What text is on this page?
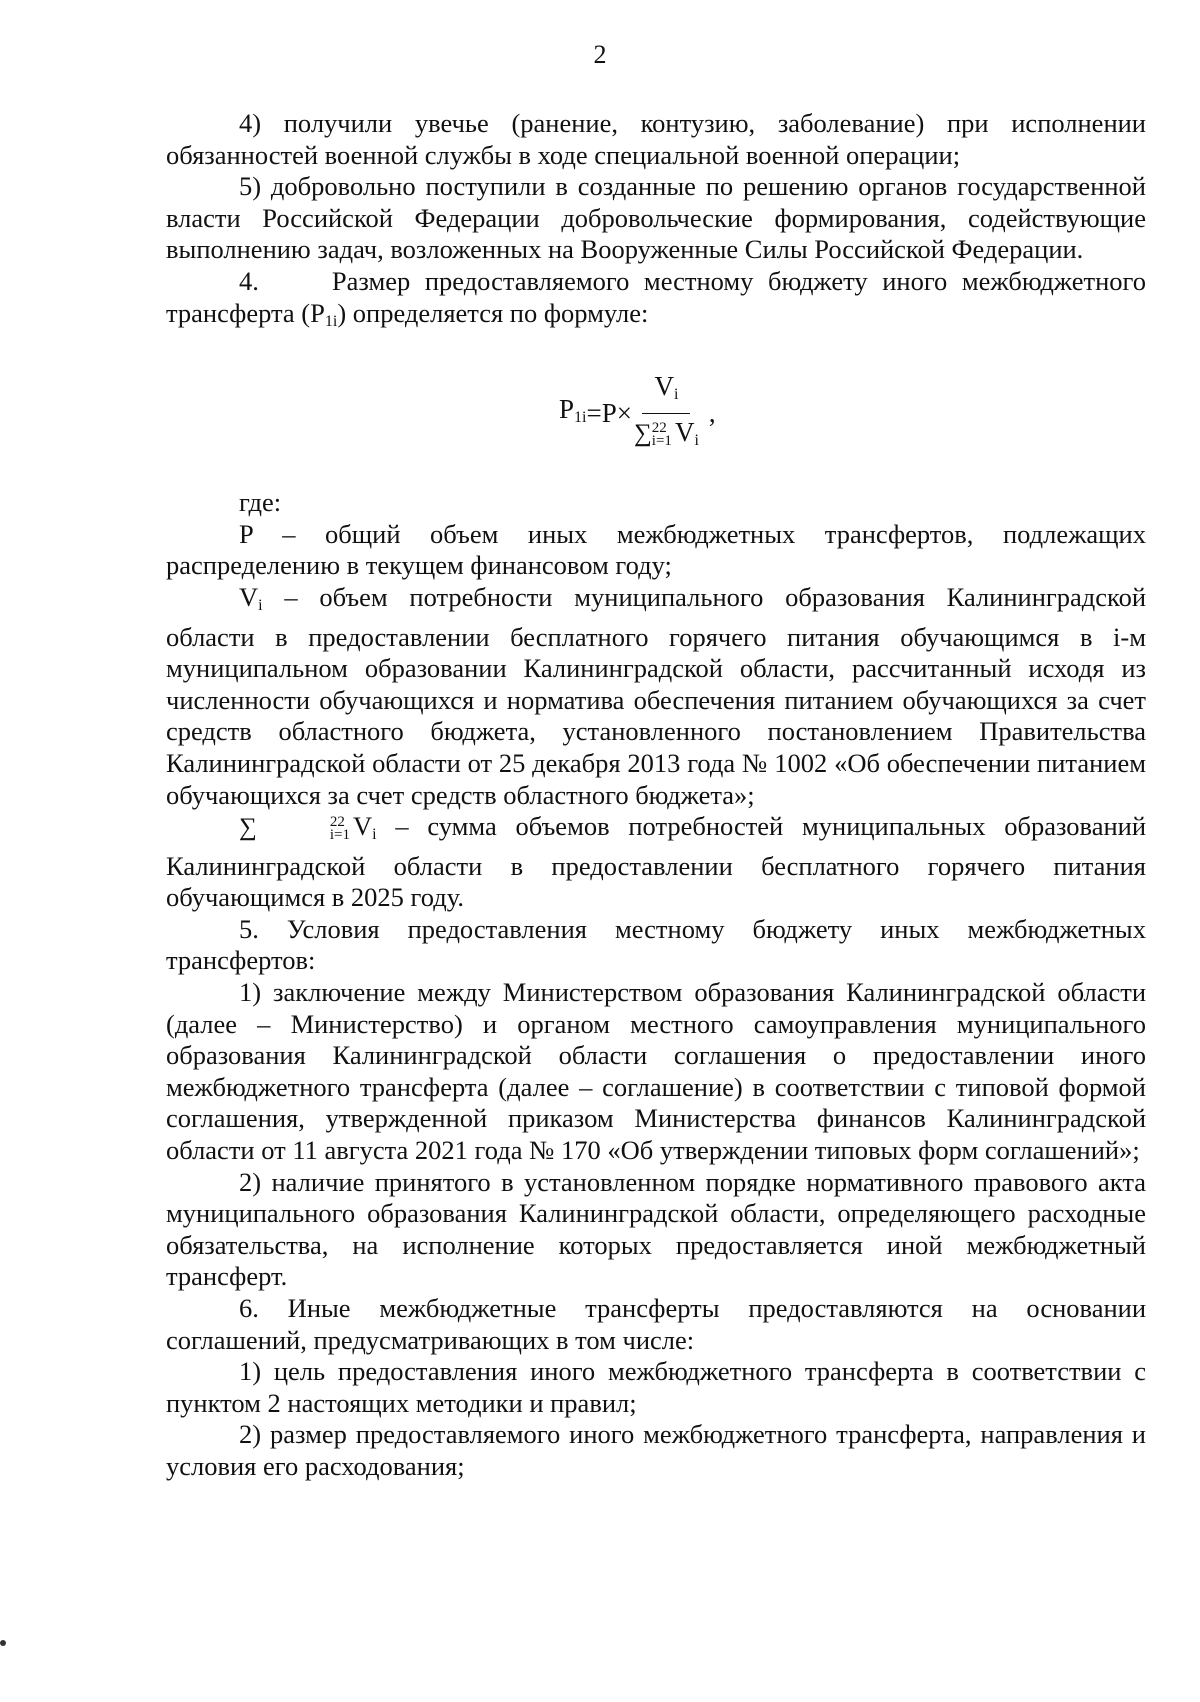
2

4) получили увечье (ранение, контузию, заболевание) при исполнении обязанностей военной службы в ходе специальной военной операции;

5) добровольно поступили в созданные по решению органов государственной власти Российской Федерации добровольческие формирования, содействующие выполнению задач, возложенных на Вооруженные Силы Российской Федерации.

4.	Размер предоставляемого местному бюджету иного межбюджетного трансферта $(P_{1i})$ определяется по формуле:

$P_{1i} =P\times V_i$
∑ 22
i=1 $V_i$ ,

где:

P – общий объем иных межбюджетных трансфертов, подлежащих распределению в текущем финансовом году;

$V_i$ – объем потребности муниципального образования Калининградской области в предоставлении бесплатного горячего питания обучающимся в i-м муниципальном образовании Калининградской области, рассчитанный исходя из численности обучающихся и норматива обеспечения питанием обучающихся за счет средств областного бюджета, установленного постановлением Правительства Калининградской области от 25 декабря 2013 года № 1002 «Об обеспечении питанием обучающихся за счет средств областного бюджета»;

∑	22
i=1 $V_i$ – сумма объемов потребностей муниципальных образований Калининградской области в предоставлении бесплатного горячего питания обучающимся в 2025 году.

5. Условия предоставления местному бюджету иных межбюджетных трансфертов:

1) заключение между Министерством образования Калининградской области (далее – Министерство) и органом местного самоуправления муниципального образования Калининградской области соглашения о предоставлении иного межбюджетного трансферта (далее – соглашение) в соответствии с типовой формой соглашения, утвержденной приказом Министерства финансов Калининградской области от 11 августа 2021 года № 170 «Об утверждении типовых форм соглашений»;

2) наличие принятого в установленном порядке нормативного правового акта муниципального образования Калининградской области, определяющего расходные обязательства, на исполнение которых предоставляется иной межбюджетный трансферт.

6. Иные межбюджетные трансферты предоставляются на основании соглашений, предусматривающих в том числе:

1) цель предоставления иного межбюджетного трансферта в соответствии с пунктом 2 настоящих методики и правил;

2) размер предоставляемого иного межбюджетного трансферта, направления и условия его расходования;
